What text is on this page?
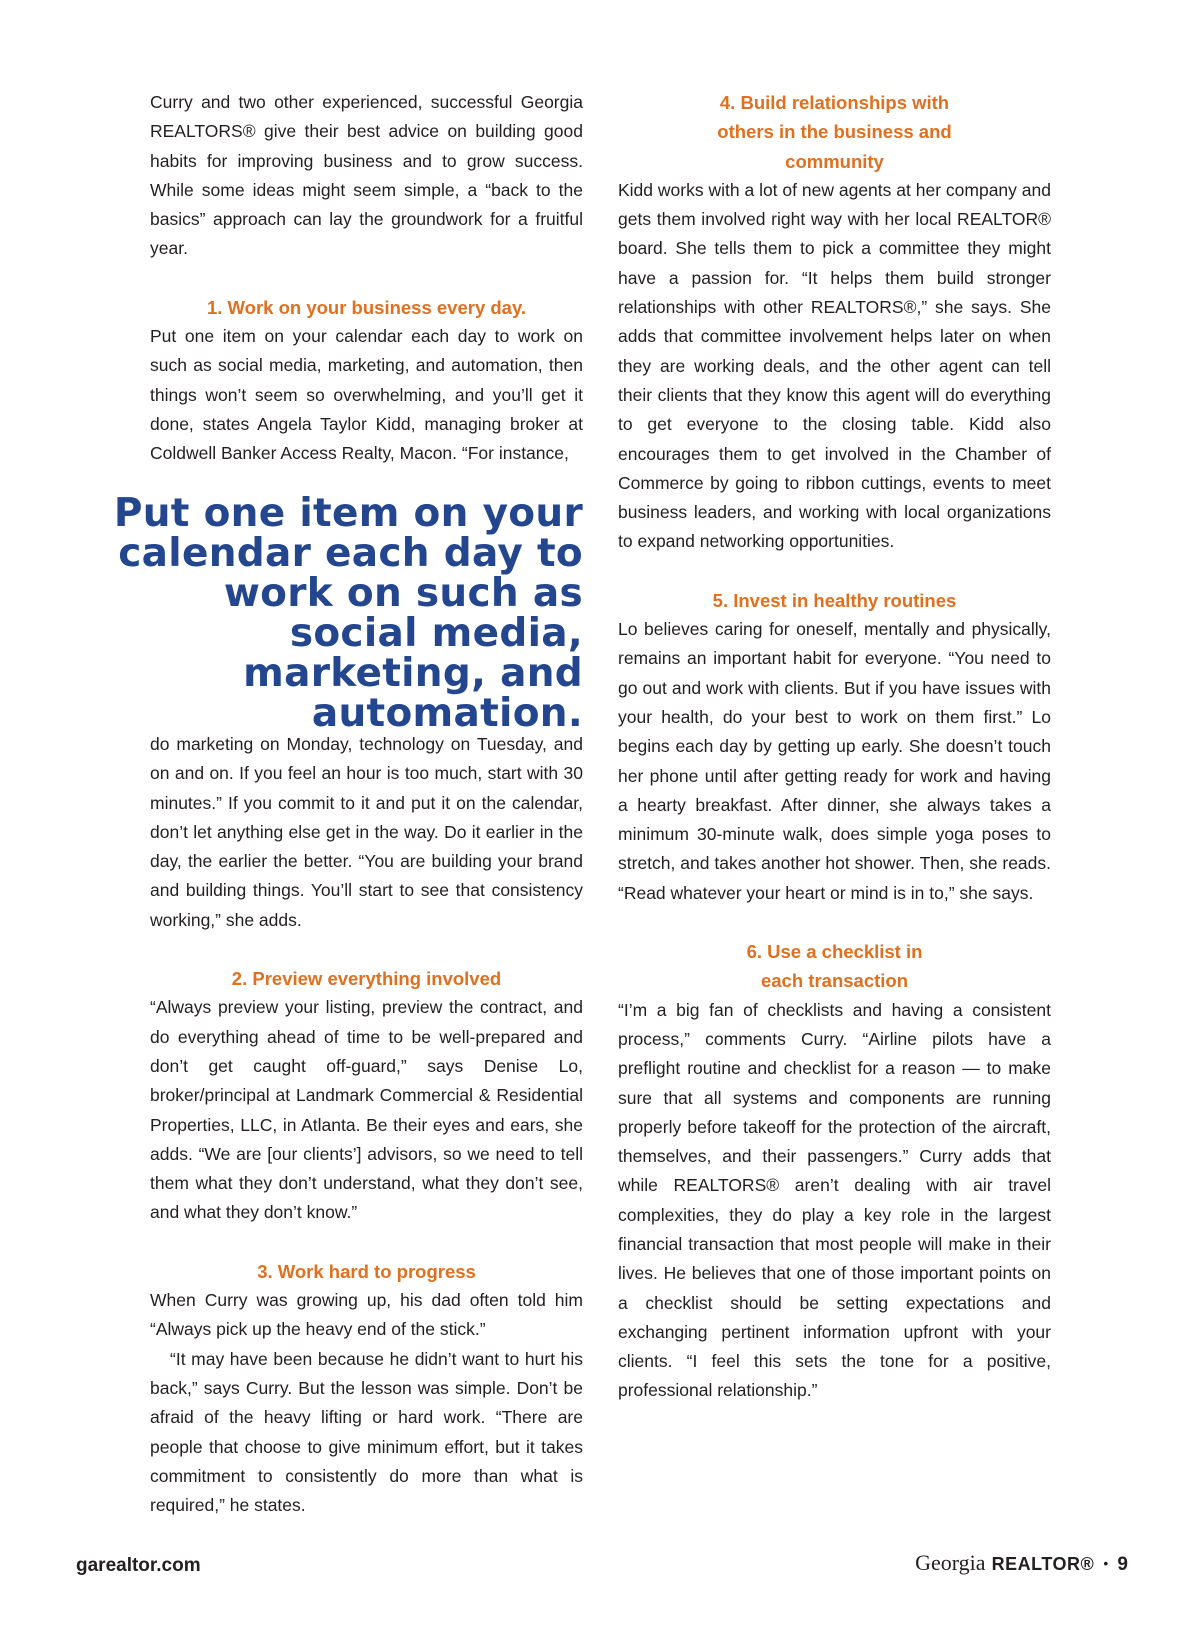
Curry and two other experienced, successful Georgia REALTORS® give their best advice on building good habits for improving business and to grow success. While some ideas might seem simple, a “back to the basics” approach can lay the groundwork for a fruitful year.

1. Work on your business every day.

Put one item on your calendar each day to work on such as social media, marketing, and automation, then things won’t seem so overwhelming, and you’ll get it done, states Angela Taylor Kidd, managing broker at Coldwell Banker Access Realty, Macon. “For instance,

Put one item on your calendar each day to work on such as social media, marketing, and automation.

do marketing on Monday, technology on Tuesday, and on and on. If you feel an hour is too much, start with 30 minutes.” If you commit to it and put it on the calendar, don’t let anything else get in the way. Do it earlier in the day, the earlier the better. “You are building your brand and building things. You’ll start to see that consistency working,” she adds.

2. Preview everything involved

“Always preview your listing, preview the contract, and do everything ahead of time to be well-prepared and don’t get caught off-guard,” says Denise Lo, broker/principal at Landmark Commercial & Residential Properties, LLC, in Atlanta. Be their eyes and ears, she adds. “We are [our clients’] advisors, so we need to tell them what they don’t understand, what they don’t see, and what they don’t know.”

3. Work hard to progress

When Curry was growing up, his dad often told him “Always pick up the heavy end of the stick.”

“It may have been because he didn’t want to hurt his back,” says Curry. But the lesson was simple. Don’t be afraid of the heavy lifting or hard work. “There are people that choose to give minimum effort, but it takes commitment to consistently do more than what is required,” he states.

4. Build relationships with others in the business and community

Kidd works with a lot of new agents at her company and gets them involved right way with her local REALTOR® board. She tells them to pick a committee they might have a passion for. “It helps them build stronger relationships with other REALTORS®,” she says. She adds that committee involvement helps later on when they are working deals, and the other agent can tell their clients that they know this agent will do everything to get everyone to the closing table. Kidd also encourages them to get involved in the Chamber of Commerce by going to ribbon cuttings, events to meet business leaders, and working with local organizations to expand networking opportunities.

5. Invest in healthy routines

Lo believes caring for oneself, mentally and physically, remains an important habit for everyone. “You need to go out and work with clients. But if you have issues with your health, do your best to work on them first.” Lo begins each day by getting up early. She doesn’t touch her phone until after getting ready for work and having a hearty breakfast. After dinner, she always takes a minimum 30-minute walk, does simple yoga poses to stretch, and takes another hot shower. Then, she reads. “Read whatever your heart or mind is in to,” she says.

6. Use a checklist in each transaction

“I’m a big fan of checklists and having a consistent process,” comments Curry. “Airline pilots have a preflight routine and checklist for a reason — to make sure that all systems and components are running properly before takeoff for the protection of the aircraft, themselves, and their passengers.” Curry adds that while REALTORS® aren’t dealing with air travel complexities, they do play a key role in the largest financial transaction that most people will make in their lives. He believes that one of those important points on a checklist should be setting expectations and exchanging pertinent information upfront with your clients. “I feel this sets the tone for a positive, professional relationship.”

garealtor.com	Georgia REALTOR® • 9
